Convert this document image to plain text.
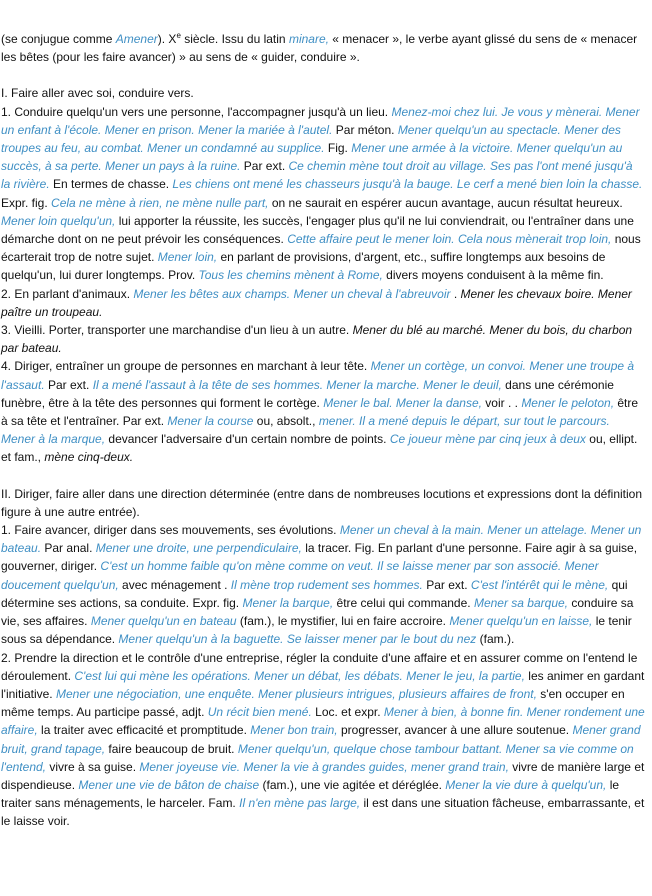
(se conjugue comme Amener). Xe siècle. Issu du latin minare, « menacer », le verbe ayant glissé du sens de « menacer les bêtes (pour les faire avancer) » au sens de « guider, conduire ».

I. Faire aller avec soi, conduire vers.
1. Conduire quelqu'un vers une personne, l'accompagner jusqu'à un lieu. Menez-moi chez lui. Je vous y mènerai. Mener un enfant à l'école. Mener en prison. Mener la mariée à l'autel. Par méton. Mener quelqu'un au spectacle. Mener des troupes au feu, au combat. Mener un condamné au supplice. Fig. Mener une armée à la victoire. Mener quelqu'un au succès, à sa perte. Mener un pays à la ruine. Par ext. Ce chemin mène tout droit au village. Ses pas l'ont mené jusqu'à la rivière. En termes de chasse. Les chiens ont mené les chasseurs jusqu'à la bauge. Le cerf a mené bien loin la chasse. Expr. fig. Cela ne mène à rien, ne mène nulle part, on ne saurait en espérer aucun avantage, aucun résultat heureux. Mener loin quelqu'un, lui apporter la réussite, les succès, l'engager plus qu'il ne lui conviendrait, ou l'entraîner dans une démarche dont on ne peut prévoir les conséquences. Cette affaire peut le mener loin. Cela nous mènerait trop loin, nous écarterait trop de notre sujet. Mener loin, en parlant de provisions, d'argent, etc., suffire longtemps aux besoins de quelqu'un, lui durer longtemps. Prov. Tous les chemins mènent à Rome, divers moyens conduisent à la même fin.
2. En parlant d'animaux. Mener les bêtes aux champs. Mener un cheval à l'abreuvoir . Mener les chevaux boire. Mener paître un troupeau.
3. Vieilli. Porter, transporter une marchandise d'un lieu à un autre. Mener du blé au marché. Mener du bois, du charbon par bateau.
4. Diriger, entraîner un groupe de personnes en marchant à leur tête. Mener un cortège, un convoi. Mener une troupe à l'assaut. Par ext. Il a mené l'assaut à la tête de ses hommes. Mener la marche. Mener le deuil, dans une cérémonie funèbre, être à la tête des personnes qui forment le cortège. Mener le bal. Mener la danse, voir . . Mener le peloton, être à sa tête et l'entraîner. Par ext. Mener la course ou, absolt., mener. Il a mené depuis le départ, sur tout le parcours. Mener à la marque, devancer l'adversaire d'un certain nombre de points. Ce joueur mène par cinq jeux à deux ou, ellipt. et fam., mène cinq-deux.

II. Diriger, faire aller dans une direction déterminée (entre dans de nombreuses locutions et expressions dont la définition figure à une autre entrée).
1. Faire avancer, diriger dans ses mouvements, ses évolutions. Mener un cheval à la main. Mener un attelage. Mener un bateau. Par anal. Mener une droite, une perpendiculaire, la tracer. Fig. En parlant d'une personne. Faire agir à sa guise, gouverner, diriger. C'est un homme faible qu'on mène comme on veut. Il se laisse mener par son associé. Mener doucement quelqu'un, avec ménagement . Il mène trop rudement ses hommes. Par ext. C'est l'intérêt qui le mène, qui détermine ses actions, sa conduite. Expr. fig. Mener la barque, être celui qui commande. Mener sa barque, conduire sa vie, ses affaires. Mener quelqu'un en bateau (fam.), le mystifier, lui en faire accroire. Mener quelqu'un en laisse, le tenir sous sa dépendance. Mener quelqu'un à la baguette. Se laisser mener par le bout du nez (fam.).
2. Prendre la direction et le contrôle d'une entreprise, régler la conduite d'une affaire et en assurer comme on l'entend le déroulement. C'est lui qui mène les opérations. Mener un débat, les débats. Mener le jeu, la partie, les animer en gardant l'initiative. Mener une négociation, une enquête. Mener plusieurs intrigues, plusieurs affaires de front, s'en occuper en même temps. Au participe passé, adjt. Un récit bien mené. Loc. et expr. Mener à bien, à bonne fin. Mener rondement une affaire, la traiter avec efficacité et promptitude. Mener bon train, progresser, avancer à une allure soutenue. Mener grand bruit, grand tapage, faire beaucoup de bruit. Mener quelqu'un, quelque chose tambour battant. Mener sa vie comme on l'entend, vivre à sa guise. Mener joyeuse vie. Mener la vie à grandes guides, mener grand train, vivre de manière large et dispendieuse. Mener une vie de bâton de chaise (fam.), une vie agitée et déréglée. Mener la vie dure à quelqu'un, le traiter sans ménagements, le harceler. Fam. Il n'en mène pas large, il est dans une situation fâcheuse, embarrassante, et le laisse voir.
